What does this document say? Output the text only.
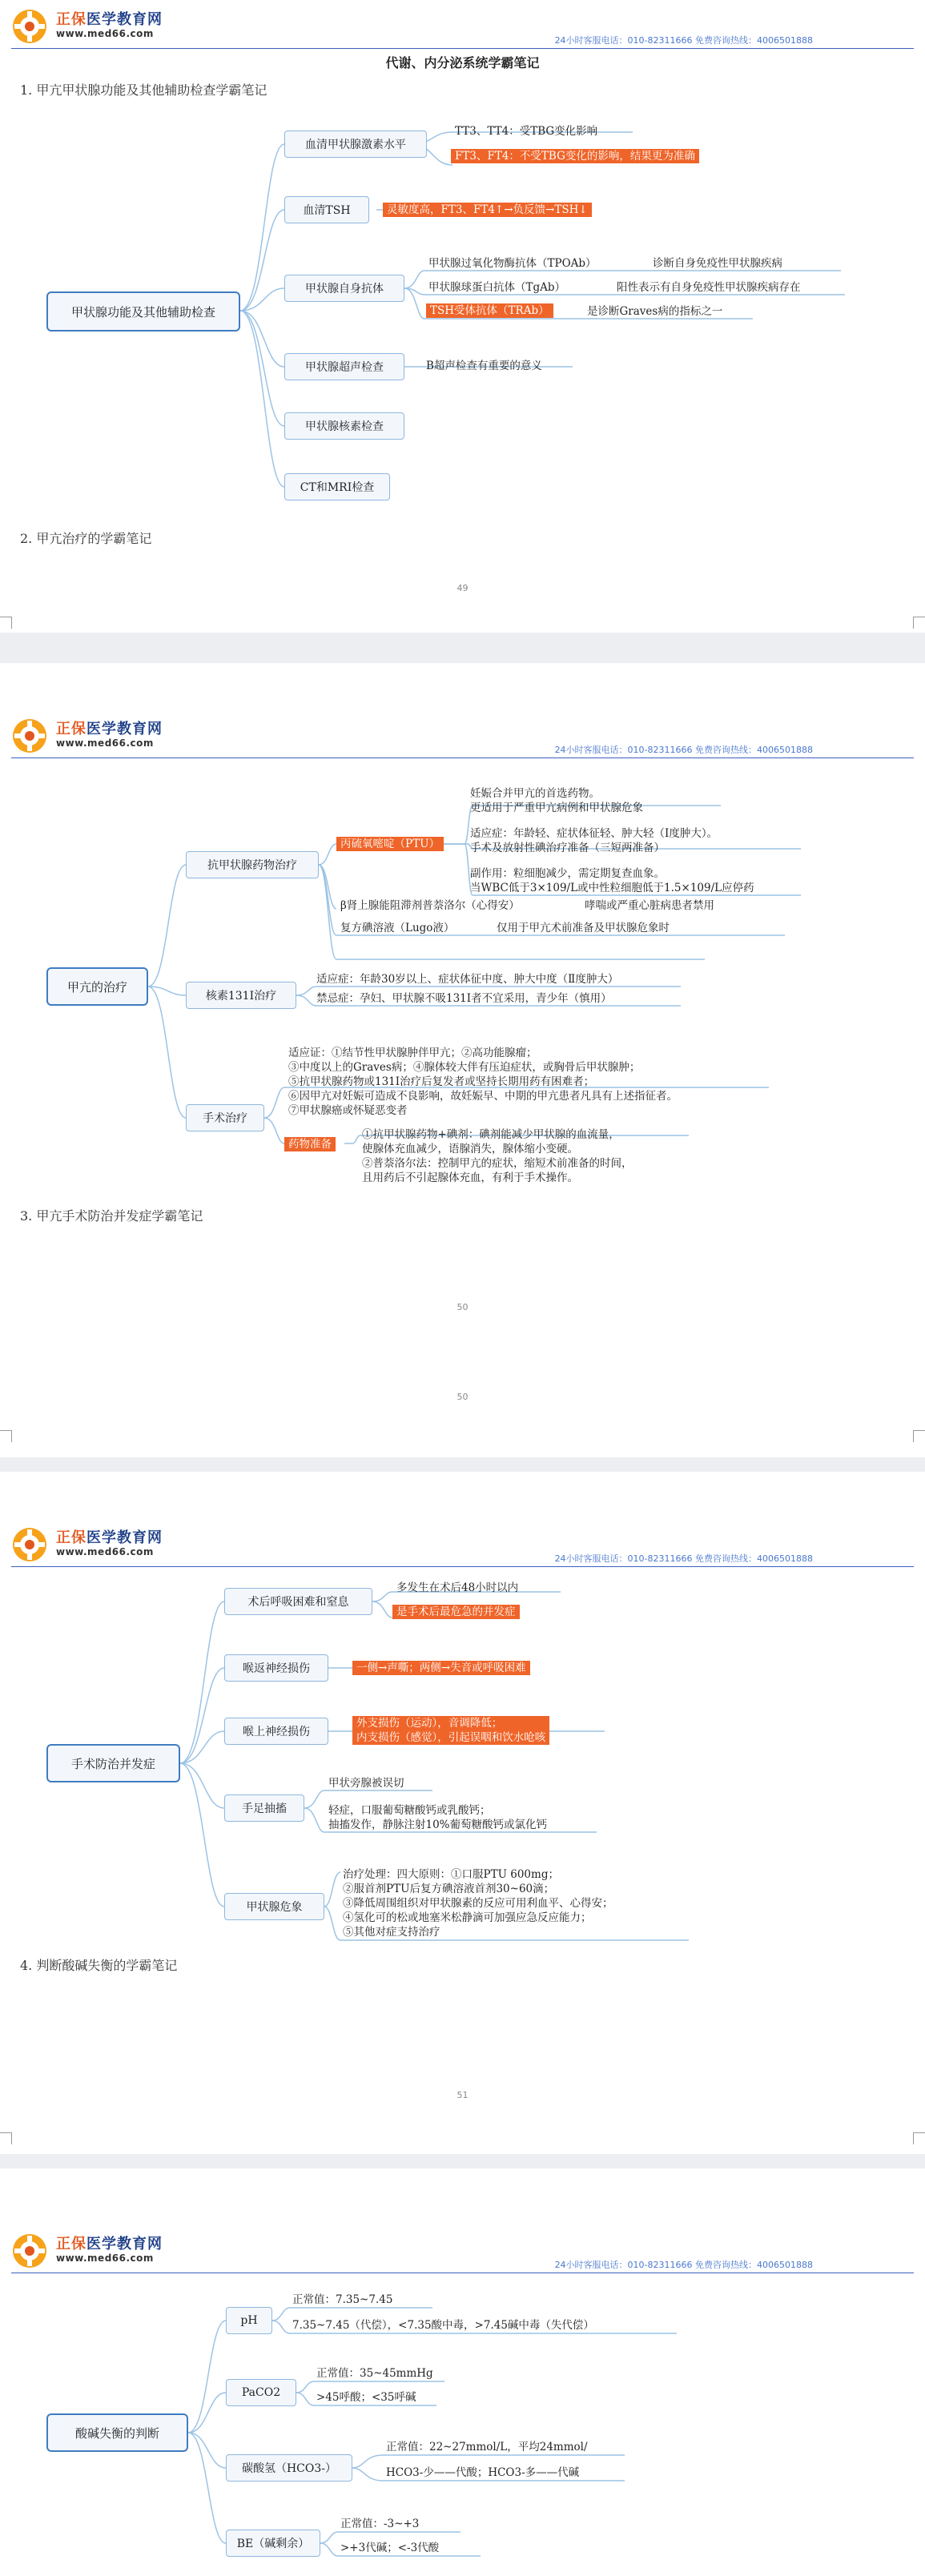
正保医学教育网
www.med66.com
24小时客服电话：010-82311666 免费咨询热线：4006501888
代谢、内分泌系统学霸笔记
1. 甲亢甲状腺功能及其他辅助检查学霸笔记
甲状腺功能及其他辅助检查
血清甲状腺激素水平
血清TSH
甲状腺自身抗体
甲状腺超声检查
甲状腺核素检查
CT和MRI检查
TT3、TT4：受TBG变化影响
FT3、FT4：不受TBG变化的影响，结果更为准确
灵敏度高，FT3、FT4↑→负反馈→TSH↓
甲状腺过氧化物酶抗体（TPOAb）	诊断自身免疫性甲状腺疾病
甲状腺球蛋白抗体（TgAb）	阳性表示有自身免疫性甲状腺疾病存在
TSH受体抗体（TRAb）	是诊断Graves病的指标之一
B超声检查有重要的意义
2. 甲亢治疗的学霸笔记
49
正保医学教育网
www.med66.com
24小时客服电话：010-82311666 免费咨询热线：4006501888
甲亢的治疗
抗甲状腺药物治疗
核素131I治疗
手术治疗
丙硫氧嘧啶（PTU）
妊娠合并甲亢的首选药物。
更适用于严重甲亢病例和甲状腺危象
适应症：年龄轻、症状体征轻、肿大轻（Ⅰ度肿大）。
手术及放射性碘治疗准备（三短两准备）
副作用：粒细胞减少，需定期复查血象。
当WBC低于3×109/L或中性粒细胞低于1.5×109/L应停药
β肾上腺能阻滞剂普萘洛尔（心得安）	哮喘或严重心脏病患者禁用
复方碘溶液（Lugo液）	仅用于甲亢术前准备及甲状腺危象时
适应症：年龄30岁以上、症状体征中度、肿大中度（Ⅱ度肿大）
禁忌症：孕妇、甲状腺不吸131I者不宜采用，青少年（慎用）
适应证：①结节性甲状腺肿伴甲亢；②高功能腺瘤；
③中度以上的Graves病；④腺体较大伴有压迫症状，或胸骨后甲状腺肿；
⑤抗甲状腺药物或131I治疗后复发者或坚持长期用药有困难者；
⑥因甲亢对妊娠可造成不良影响，故妊娠早、中期的甲亢患者凡具有上述指征者。
⑦甲状腺癌或怀疑恶变者
药物准备
①抗甲状腺药物+碘剂：碘剂能减少甲状腺的血流量，
使腺体充血减少，语腺消失，腺体缩小变硬。
②普萘洛尔法：控制甲亢的症状，缩短术前准备的时间，
且用药后不引起腺体充血，有利于手术操作。
3. 甲亢手术防治并发症学霸笔记
50
50
正保医学教育网
www.med66.com
24小时客服电话：010-82311666 免费咨询热线：4006501888
手术防治并发症
术后呼吸困难和窒息
喉返神经损伤
喉上神经损伤
手足抽搐
甲状腺危象
多发生在术后48小时以内
是手术后最危急的并发症
一侧→声嘶；两侧→失音或呼吸困难
外支损伤（运动），音调降低；
内支损伤（感觉），引起误咽和饮水呛咳
甲状旁腺被误切
轻症，口服葡萄糖酸钙或乳酸钙；
抽搐发作，静脉注射10%葡萄糖酸钙或氯化钙
治疗处理：四大原则：①口服PTU 600mg；
②服首剂PTU后复方碘溶液首剂30~60滴；
③降低周围组织对甲状腺素的反应可用利血平、心得安；
④氢化可的松或地塞米松静滴可加强应急反应能力；
⑤其他对症支持治疗
4. 判断酸碱失衡的学霸笔记
51
正保医学教育网
www.med66.com
24小时客服电话：010-82311666 免费咨询热线：4006501888
酸碱失衡的判断
pH
PaCO2
碳酸氢（HCO3-）
BE（碱剩余）
正常值：7.35~7.45
7.35~7.45（代偿），<7.35酸中毒，>7.45碱中毒（失代偿）
正常值：35~45mmHg
>45呼酸；<35呼碱
正常值：22~27mmol/L，平均24mmol/
HCO3-少——代酸；HCO3-多——代碱
正常值：-3~+3
>+3代碱；<-3代酸
